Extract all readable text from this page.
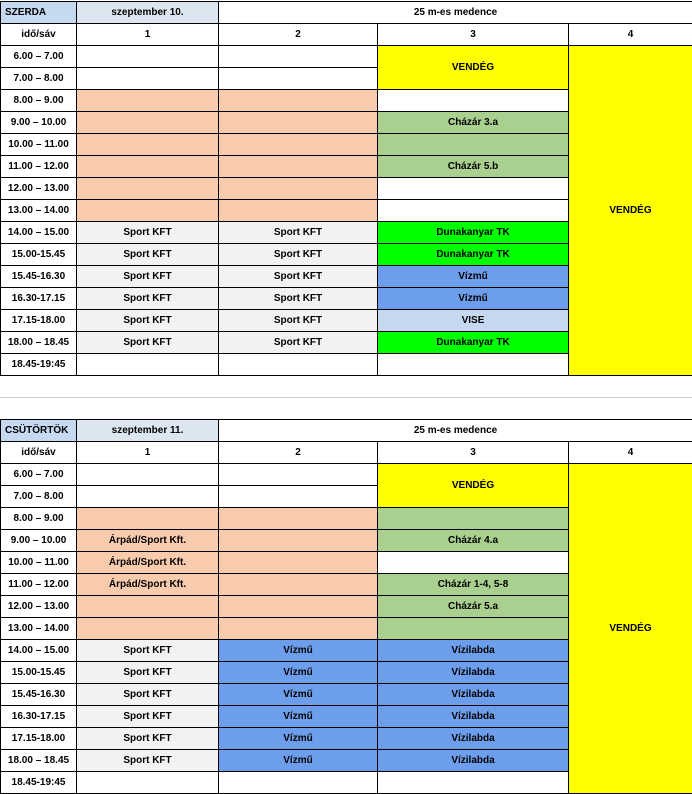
SZERDA	szeptember 10.	25 m-es medence		
idő/sáv	1	2	3	4
6.00 – 7.00			VENDÉG	VENDÉG
7.00 – 8.00				
8.00 – 9.00				
9.00 – 10.00			Cházár 3.a	
10.00 – 11.00				
11.00 – 12.00			Cházár 5.b	
12.00 – 13.00				
13.00 – 14.00				
14.00 – 15.00	Sport KFT	Sport KFT	Dunakanyar TK	
15.00-15.45	Sport KFT	Sport KFT	Dunakanyar TK	
15.45-16.30	Sport KFT	Sport KFT	Vízmű	
16.30-17.15	Sport KFT	Sport KFT	Vízmű	
17.15-18.00	Sport KFT	Sport KFT	VISE	
18.00 – 18.45	Sport KFT	Sport KFT	Dunakanyar TK	
18.45-19:45				
CSÜTÖRTÖK	szeptember 11.	25 m-es medence		
idő/sáv	1	2	3	4
6.00 – 7.00			VENDÉG	VENDÉG
7.00 – 8.00				
8.00 – 9.00				
9.00 – 10.00	Árpád/Sport Kft.		Cházár 4.a	
10.00 – 11.00	Árpád/Sport Kft.			
11.00 – 12.00	Árpád/Sport Kft.		Cházár 1-4, 5-8	
12.00 – 13.00			Cházár 5.a	
13.00 – 14.00				
14.00 – 15.00	Sport KFT	Vízmű	Vízilabda	
15.00-15.45	Sport KFT	Vízmű	Vízilabda	
15.45-16.30	Sport KFT	Vízmű	Vízilabda	
16.30-17.15	Sport KFT	Vízmű	Vízilabda	
17.15-18.00	Sport KFT	Vízmű	Vízilabda	
18.00 – 18.45	Sport KFT	Vízmű	Vízilabda	
18.45-19:45				
